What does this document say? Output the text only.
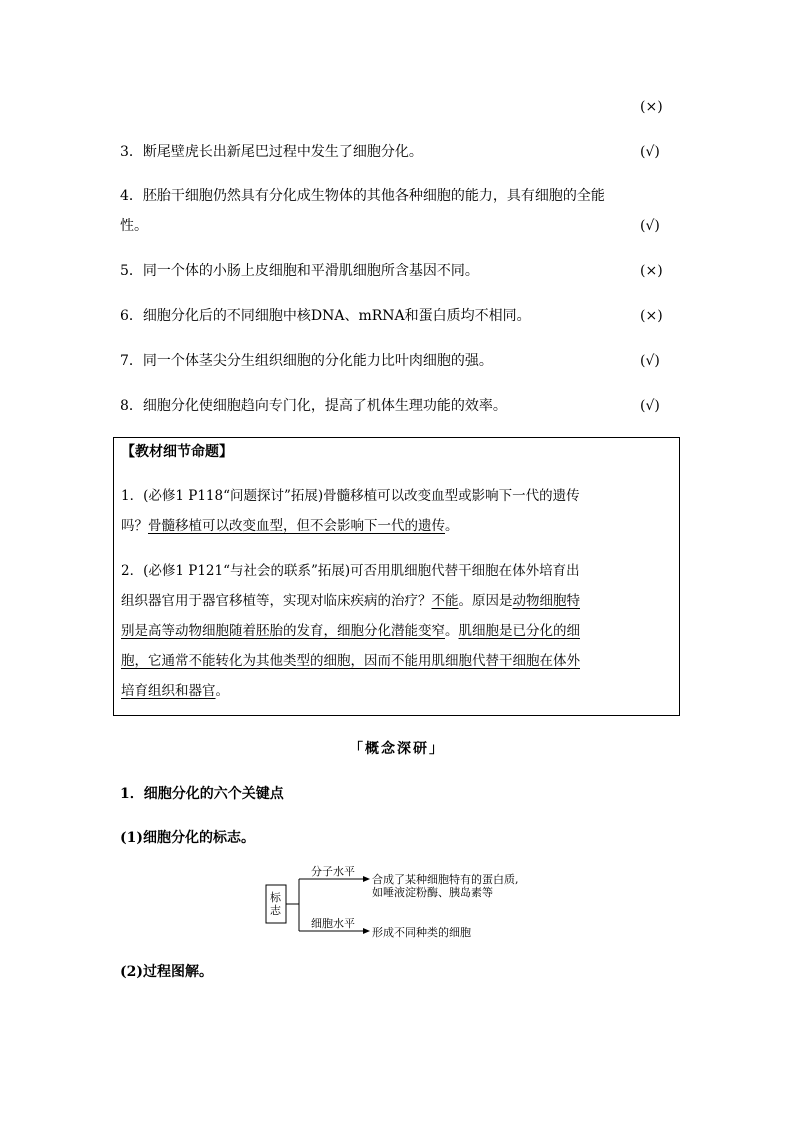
(×)
3．断尾壁虎长出新尾巴过程中发生了细胞分化。	(√)
4．胚胎干细胞仍然具有分化成生物体的其他各种细胞的能力，具有细胞的全能
性。	(√)
5．同一个体的小肠上皮细胞和平滑肌细胞所含基因不同。	(×)
6．细胞分化后的不同细胞中核DNA、mRNA和蛋白质均不相同。	(×)
7．同一个体茎尖分生组织细胞的分化能力比叶肉细胞的强。	(√)
8．细胞分化使细胞趋向专门化，提高了机体生理功能的效率。	(√)
【教材细节命题】
1．(必修1 P118“问题探讨”拓展)骨髓移植可以改变血型或影响下一代的遗传
吗？骨髓移植可以改变血型，但不会影响下一代的遗传。
2．(必修1 P121“与社会的联系”拓展)可否用肌细胞代替干细胞在体外培育出
组织器官用于器官移植等，实现对临床疾病的治疗？不能。原因是动物细胞特
别是高等动物细胞随着胚胎的发育，细胞分化潜能变窄。肌细胞是已分化的细
胞，它通常不能转化为其他类型的细胞，因而不能用肌细胞代替干细胞在体外
培育组织和器官。
「概念深研」
1．细胞分化的六个关键点
(1)细胞分化的标志。
标志
分子水平
合成了某种细胞特有的蛋白质,
如唾液淀粉酶、胰岛素等
细胞水平
形成不同种类的细胞
(2)过程图解。
